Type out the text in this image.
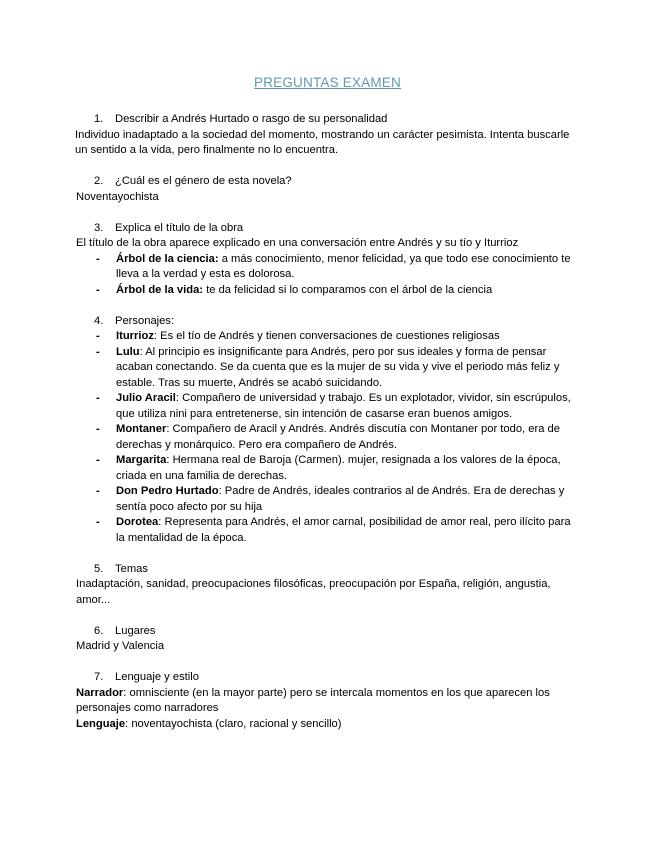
PREGUNTAS EXAMEN

1. Describir a Andrés Hurtado o rasgo de su personalidad

Individuo inadaptado a la sociedad del momento, mostrando un carácter pesimista. Intenta buscarle un sentido a la vida, pero finalmente no lo encuentra.

2. ¿Cuál es el género de esta novela?

Noventayochista

3. Explica el título de la obra

El título de la obra aparece explicado en una conversación entre Andrés y su tío y Iturrioz

- Árbol de la ciencia: a más conocimiento, menor felicidad, ya que todo ese conocimiento te lleva a la verdad y esta es dolorosa.
- Árbol de la vida: te da felicidad si lo comparamos con el árbol de la ciencia

4. Personajes:

- Iturrioz: Es el tío de Andrés y tienen conversaciones de cuestiones religiosas
- Lulu: Al principio es insignificante para Andrés, pero por sus ideales y forma de pensar acaban conectando. Se da cuenta que es la mujer de su vida y vive el periodo más feliz y estable. Tras su muerte, Andrés se acabó suicidando.
- Julio Aracil: Compañero de universidad y trabajo. Es un explotador, vividor, sin escrúpulos, que utiliza nini para entretenerse, sin intención de casarse eran buenos amigos.
- Montaner: Compañero de Aracil y Andrés. Andrés discutía con Montaner por todo, era de derechas y monárquico. Pero era compañero de Andrés.
- Margarita: Hermana real de Baroja (Carmen). mujer, resignada a los valores de la época, criada en una familia de derechas.
- Don Pedro Hurtado: Padre de Andrés, ideales contrarios al de Andrés. Era de derechas y sentía poco afecto por su hija
- Dorotea: Representa para Andrés, el amor carnal, posibilidad de amor real, pero ilícito para la mentalidad de la época.

5. Temas

Inadaptación, sanidad, preocupaciones filosóficas, preocupación por España, religión, angustia, amor...

6. Lugares

Madrid y Valencia

7. Lenguaje y estilo

Narrador: omnisciente (en la mayor parte) pero se intercala momentos en los que aparecen los personajes como narradores

Lenguaje: noventayochista (claro, racional y sencillo)
